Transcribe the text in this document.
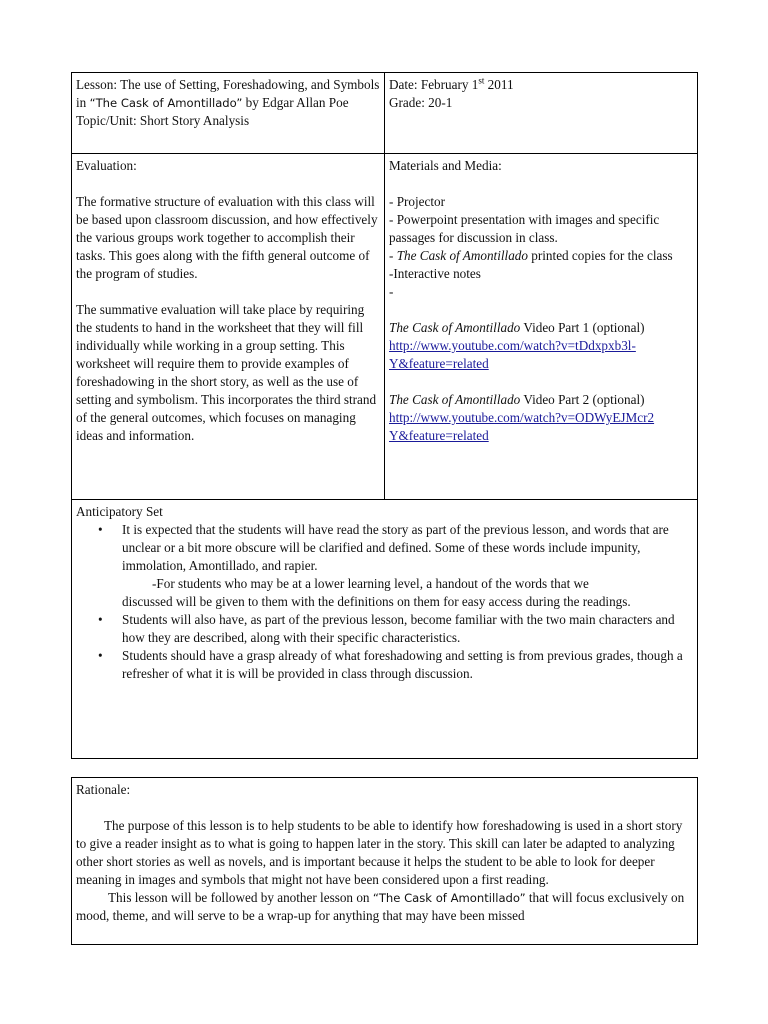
Lesson: The use of Setting, Foreshadowing, and Symbols in “The Cask of Amontillado” by Edgar Allan Poe

Topic/Unit: Short Story Analysis

Date: February 1st 2011

Grade: 20-1

Evaluation:

The formative structure of evaluation with this class will be based upon classroom discussion, and how effectively the various groups work together to accomplish their tasks. This goes along with the fifth general outcome of the program of studies.

The summative evaluation will take place by requiring the students to hand in the worksheet that they will fill individually while working in a group setting. This worksheet will require them to provide examples of foreshadowing in the short story, as well as the use of setting and symbolism. This incorporates the third strand of the general outcomes, which focuses on managing ideas and information.

Materials and Media:

- Projector

- Powerpoint presentation with images and specific passages for discussion in class.

- The Cask of Amontillado printed copies for the class

-Interactive notes

-

The Cask of Amontillado Video Part 1 (optional)

http://www.youtube.com/watch?v=tDdxpxb3l-
Y&feature=related

The Cask of Amontillado Video Part 2 (optional)

http://www.youtube.com/watch?v=ODWyEJMcr2
Y&feature=related

Anticipatory Set

• It is expected that the students will have read the story as part of the previous lesson, and words that are unclear or a bit more obscure will be clarified and defined. Some of these words include impunity, immolation, Amontillado, and rapier.

-For students who may be at a lower learning level, a handout of the words that we

discussed will be given to them with the definitions on them for easy access during the readings.

• Students will also have, as part of the previous lesson, become familiar with the two main characters and how they are described, along with their specific characteristics.

• Students should have a grasp already of what foreshadowing and setting is from previous grades, though a refresher of what it is will be provided in class through discussion.

Rationale:

The purpose of this lesson is to help students to be able to identify how foreshadowing is used in a short story to give a reader insight as to what is going to happen later in the story. This skill can later be adapted to analyzing other short stories as well as novels, and is important because it helps the student to be able to look for deeper meaning in images and symbols that might not have been considered upon a first reading.

This lesson will be followed by another lesson on “The Cask of Amontillado” that will focus exclusively on mood, theme, and will serve to be a wrap-up for anything that may have been missed
